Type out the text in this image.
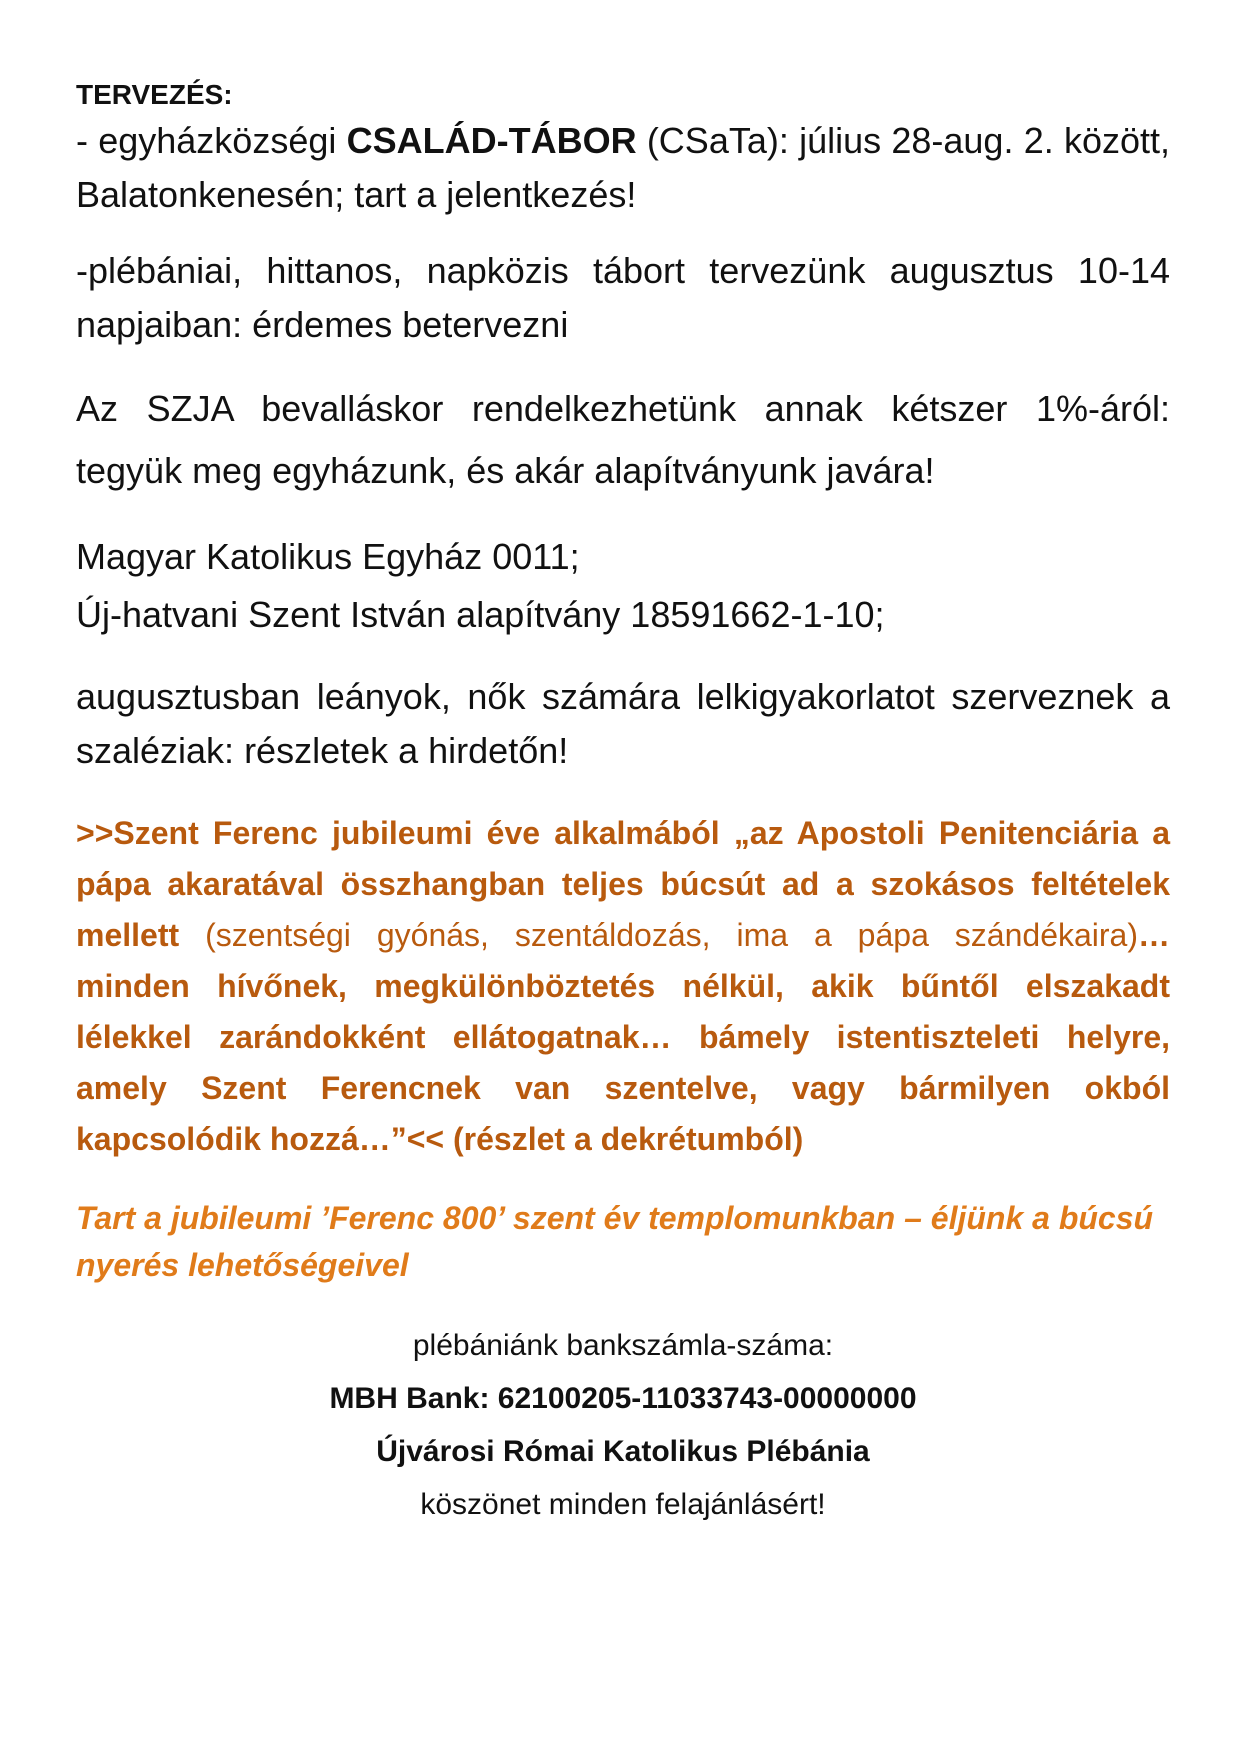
TERVEZÉS:

- egyházközségi CSALÁD-TÁBOR (CSaTa): július 28-aug. 2. között, Balatonkenesén; tart a jelentkezés!

-plébániai, hittanos, napközis tábort tervezünk augusztus 10-14 napjaiban: érdemes betervezni

Az SZJA bevalláskor rendelkezhetünk annak kétszer 1%-áról: tegyük meg egyházunk, és akár alapítványunk javára!

Magyar Katolikus Egyház 0011;

Új-hatvani Szent István alapítvány 18591662-1-10;

augusztusban leányok, nők számára lelkigyakorlatot szerveznek a szaléziak: részletek a hirdetőn!

>>Szent Ferenc jubileumi éve alkalmából „az Apostoli Penitenciária a pápa akaratával összhangban teljes búcsút ad a szokásos feltételek mellett (szentségi gyónás, szentáldozás, ima a pápa szándékaira)… minden hívőnek, megkülönböztetés nélkül, akik bűntől elszakadt lélekkel zarándokként ellátogatnak… bámely istentiszteleti helyre, amely Szent Ferencnek van szentelve, vagy bármilyen okból kapcsolódik hozzá…”<< (részlet a dekrétumból)

Tart a jubileumi ’Ferenc 800’ szent év templomunkban – éljünk a búcsú nyerés lehetőségeivel

plébániánk bankszámla-száma:

MBH Bank: 62100205-11033743-00000000

Újvárosi Római Katolikus Plébánia

köszönet minden felajánlásért!
